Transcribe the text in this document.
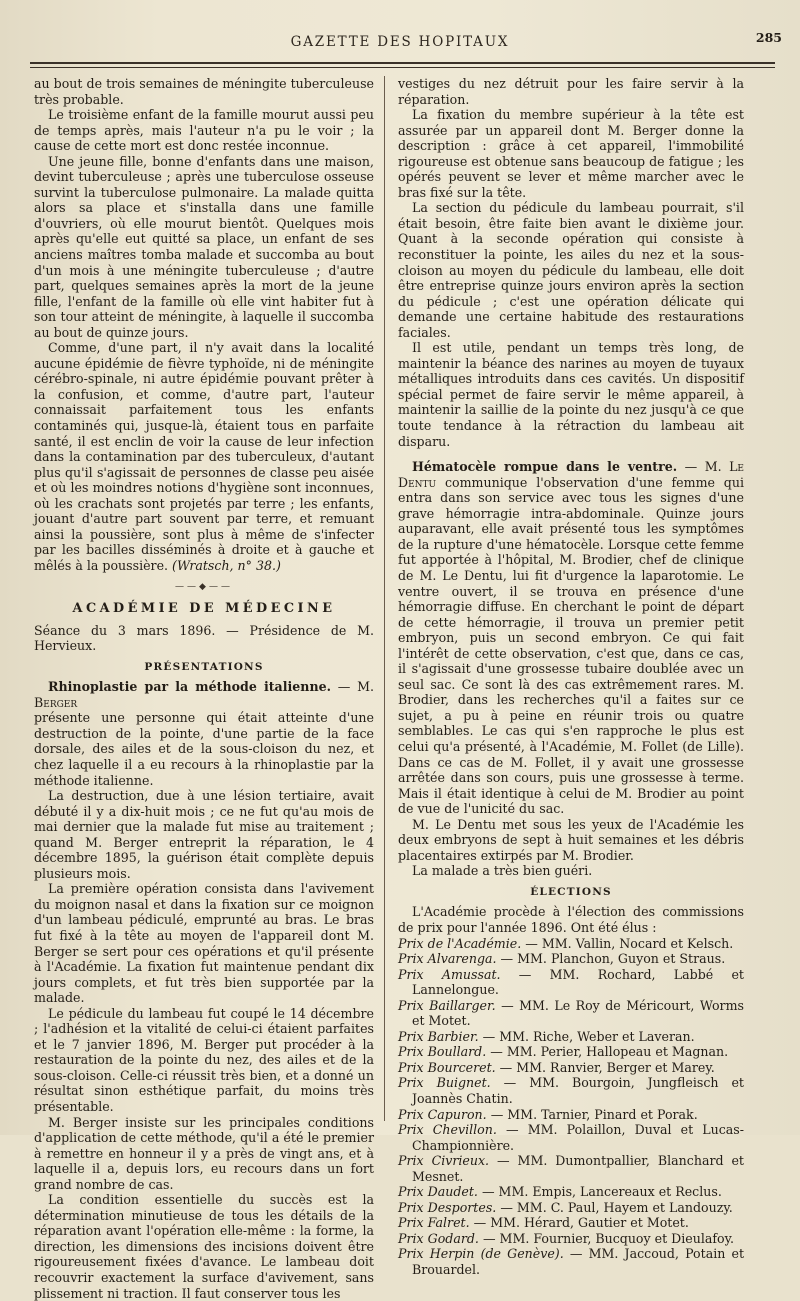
GAZETTE DES HOPITAUX	285

au bout de trois semaines de méningite tuberculeuse très probable.

Le troisième enfant de la famille mourut aussi peu de temps après, mais l'auteur n'a pu le voir ; la cause de cette mort est donc restée inconnue.

Une jeune fille, bonne d'enfants dans une maison, devint tuberculeuse ; après une tuberculose osseuse survint la tuberculose pulmonaire. La malade quitta alors sa place et s'installa dans une famille d'ouvriers, où elle mourut bientôt. Quelques mois après qu'elle eut quitté sa place, un enfant de ses anciens maîtres tomba malade et succomba au bout d'un mois à une méningite tuberculeuse ; d'autre part, quelques semaines après la mort de la jeune fille, l'enfant de la famille où elle vint habiter fut à son tour atteint de méningite, à laquelle il succomba au bout de quinze jours.

Comme, d'une part, il n'y avait dans la localité aucune épidémie de fièvre typhoïde, ni de méningite cérébro-spinale, ni autre épidémie pouvant prêter à la confusion, et comme, d'autre part, l'auteur connaissait parfaitement tous les enfants contaminés qui, jusque-là, étaient tous en parfaite santé, il est enclin de voir la cause de leur infection dans la contamination par des tuberculeux, d'autant plus qu'il s'agissait de personnes de classe peu aisée et où les moindres notions d'hygiène sont inconnues, où les crachats sont projetés par terre ; les enfants, jouant d'autre part souvent par terre, et remuant ainsi la poussière, sont plus à même de s'infecter par les bacilles disséminés à droite et à gauche et mêlés à la poussière. (Wratsch, n° 38.)

——◆——
ACADÉMIE DE MÉDECINE

Séance du 3 mars 1896. — Présidence de M. Hervieux.

PRÉSENTATIONS

Rhinoplastie par la méthode italienne. — M. Berger

présente une personne qui était atteinte d'une destruction de la pointe, d'une partie de la face dorsale, des ailes et de la sous-cloison du nez, et chez laquelle il a eu recours à la rhinoplastie par la méthode italienne.

La destruction, due à une lésion tertiaire, avait débuté il y a dix-huit mois ; ce ne fut qu'au mois de mai dernier que la malade fut mise au traitement ; quand M. Berger entreprit la réparation, le 4 décembre 1895, la guérison était complète depuis plusieurs mois.

La première opération consista dans l'avivement du moignon nasal et dans la fixation sur ce moignon d'un lambeau pédiculé, emprunté au bras. Le bras fut fixé à la tête au moyen de l'appareil dont M. Berger se sert pour ces opérations et qu'il présente à l'Académie. La fixation fut maintenue pendant dix jours complets, et fut très bien supportée par la malade.

Le pédicule du lambeau fut coupé le 14 décembre ; l'adhésion et la vitalité de celui-ci étaient parfaites et le 7 janvier 1896, M. Berger put procéder à la restauration de la pointe du nez, des ailes et de la sous-cloison. Celle-ci réussit très bien, et a donné un résultat sinon esthétique parfait, du moins très présentable.

M. Berger insiste sur les principales conditions d'application de cette méthode, qu'il a été le premier à remettre en honneur il y a près de vingt ans, et à laquelle il a, depuis lors, eu recours dans un fort grand nombre de cas.

La condition essentielle du succès est la détermination minutieuse de tous les détails de la réparation avant l'opération elle-même : la forme, la direction, les dimensions des incisions doivent être rigoureusement fixées d'avance. Le lambeau doit recouvrir exactement la surface d'avivement, sans plissement ni traction. Il faut conserver tous les

vestiges du nez détruit pour les faire servir à la réparation.

La fixation du membre supérieur à la tête est assurée par un appareil dont M. Berger donne la description : grâce à cet appareil, l'immobilité rigoureuse est obtenue sans beaucoup de fatigue ; les opérés peuvent se lever et même marcher avec le bras fixé sur la tête.

La section du pédicule du lambeau pourrait, s'il était besoin, être faite bien avant le dixième jour. Quant à la seconde opération qui consiste à reconstituer la pointe, les ailes du nez et la sous-cloison au moyen du pédicule du lambeau, elle doit être entreprise quinze jours environ après la section du pédicule ; c'est une opération délicate qui demande une certaine habitude des restaurations faciales.

Il est utile, pendant un temps très long, de maintenir la béance des narines au moyen de tuyaux métalliques introduits dans ces cavités. Un dispositif spécial permet de faire servir le même appareil, à maintenir la saillie de la pointe du nez jusqu'à ce que toute tendance à la rétraction du lambeau ait disparu.

Hématocèle rompue dans le ventre. — M. Le Dentu communique l'observation d'une femme qui entra dans son service avec tous les signes d'une grave hémorragie intra-abdominale. Quinze jours auparavant, elle avait présenté tous les symptômes de la rupture d'une hématocèle. Lorsque cette femme fut apportée à l'hôpital, M. Brodier, chef de clinique de M. Le Dentu, lui fit d'urgence la laparotomie. Le ventre ouvert, il se trouva en présence d'une hémorragie diffuse. En cherchant le point de départ de cette hémorragie, il trouva un premier petit embryon, puis un second embryon. Ce qui fait l'intérêt de cette observation, c'est que, dans ce cas, il s'agissait d'une grossesse tubaire doublée avec un seul sac. Ce sont là des cas extrêmement rares. M. Brodier, dans les recherches qu'il a faites sur ce sujet, a pu à peine en réunir trois ou quatre semblables. Le cas qui s'en rapproche le plus est celui qu'a présenté, à l'Académie, M. Follet (de Lille). Dans ce cas de M. Follet, il y avait une grossesse arrêtée dans son cours, puis une grossesse à terme. Mais il était identique à celui de M. Brodier au point de vue de l'unicité du sac.

M. Le Dentu met sous les yeux de l'Académie les deux embryons de sept à huit semaines et les débris placentaires extirpés par M. Brodier.

La malade a très bien guéri.

ÉLECTIONS

L'Académie procède à l'élection des commissions de prix pour l'année 1896. Ont été élus :

Prix de l'Académie. — MM. Vallin, Nocard et Kelsch.
Prix Alvarenga. — MM. Planchon, Guyon et Straus.
Prix Amussat. — MM. Rochard, Labbé et Lannelongue.
Prix Baillarger. — MM. Le Roy de Méricourt, Worms et Motet.
Prix Barbier. — MM. Riche, Weber et Laveran.
Prix Boullard. — MM. Perier, Hallopeau et Magnan.
Prix Bourceret. — MM. Ranvier, Berger et Marey.
Prix Buignet. — MM. Bourgoin, Jungfleisch et Joannès Chatin.
Prix Capuron. — MM. Tarnier, Pinard et Porak.
Prix Chevillon. — MM. Polaillon, Duval et Lucas-Championnière.
Prix Civrieux. — MM. Dumontpallier, Blanchard et Mesnet.
Prix Daudet. — MM. Empis, Lancereaux et Reclus.
Prix Desportes. — MM. C. Paul, Hayem et Landouzy.
Prix Falret. — MM. Hérard, Gautier et Motet.
Prix Godard. — MM. Fournier, Bucquoy et Dieulafoy.
Prix Herpin (de Genève). — MM. Jaccoud, Potain et Brouardel.
